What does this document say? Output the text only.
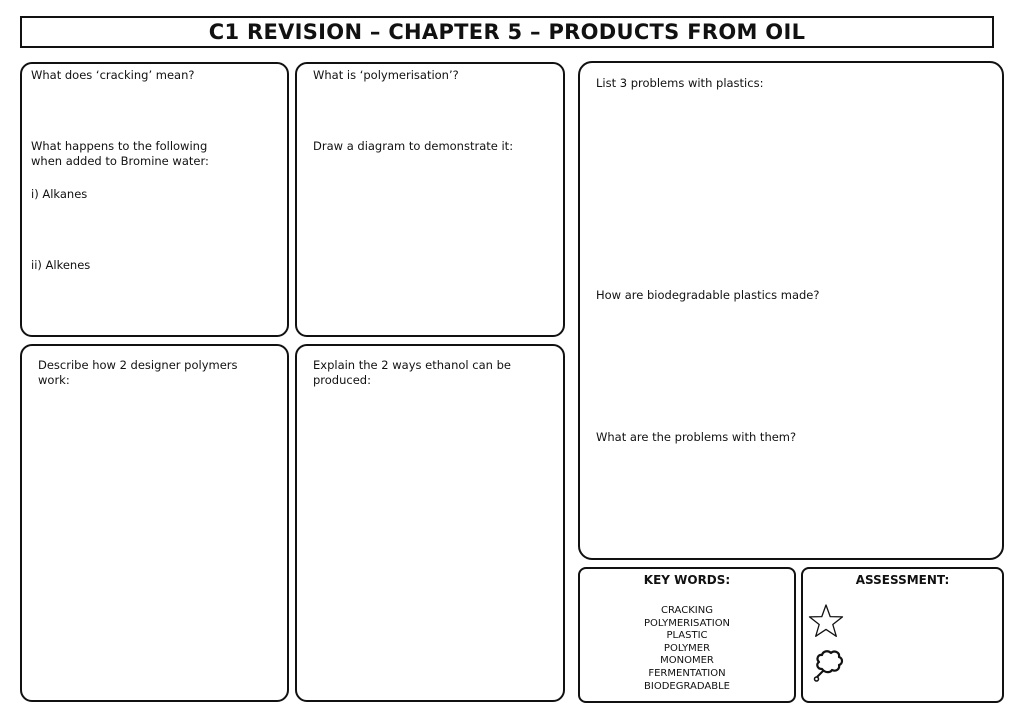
C1 REVISION – CHAPTER 5 – PRODUCTS FROM OIL
What does ‘cracking’ mean?
What happens to the following
when added to Bromine water:
i) Alkanes
ii) Alkenes
What is ‘polymerisation’?
Draw a diagram to demonstrate it:
List 3 problems with plastics:
How are biodegradable plastics made?
What are the problems with them?
Describe how 2 designer polymers
work:
Explain the 2 ways ethanol can be
produced:
KEY WORDS:
CRACKING
POLYMERISATION
PLASTIC
POLYMER
MONOMER
FERMENTATION
BIODEGRADABLE
ASSESSMENT:
